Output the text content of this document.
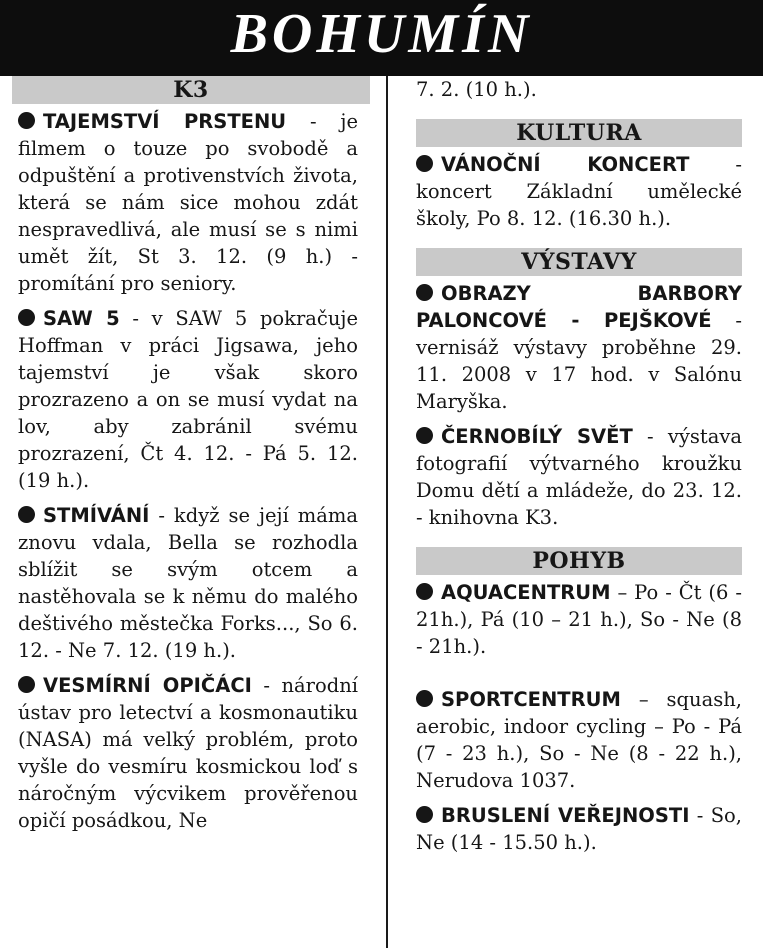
BOHUMÍN
K3

TAJEMSTVÍ PRSTENU - je filmem o touze po svobodě a odpuštění a protivenstvích života, která se nám sice mohou zdát nespravedlivá, ale musí se s nimi umět žít, St 3. 12. (9 h.) - promítání pro seniory.

SAW 5 - v SAW 5 pokračuje Hoffman v práci Jigsawa, jeho tajemství je však skoro prozrazeno a on se musí vydat na lov, aby zabránil svému prozrazení, Čt 4. 12. - Pá 5. 12. (19 h.).

STMÍVÁNÍ - když se její máma znovu vdala, Bella se rozhodla sblížit se svým otcem a nastěhovala se k němu do malého deštivého městečka Forks..., So 6. 12. - Ne 7. 12. (19 h.).

VESMÍRNÍ OPIČÁCI - národní ústav pro letectví a kosmonautiku (NASA) má velký problém, proto vyšle do vesmíru kosmickou loď s náročným výcvikem prověřenou opičí posádkou, Ne

7. 2. (10 h.).

KULTURA

VÁNOČNÍ KONCERT - koncert Základní umělecké školy, Po 8. 12. (16.30 h.).

VÝSTAVY

OBRAZY BARBORY PALONCOVÉ - PEJŠKOVÉ - vernisáž výstavy proběhne 29. 11. 2008 v 17 hod. v Salónu Maryška.

ČERNOBÍLÝ SVĚT - výstava fotografií výtvarného kroužku Domu dětí a mládeže, do 23. 12. - knihovna K3.

POHYB

AQUACENTRUM – Po - Čt (6 - 21h.), Pá (10 – 21 h.), So - Ne (8 - 21h.).

SPORTCENTRUM – squash, aerobic, indoor cycling – Po - Pá (7 - 23 h.), So - Ne (8 - 22 h.), Nerudova 1037.

BRUSLENÍ VEŘEJNOSTI - So, Ne (14 - 15.50 h.).
